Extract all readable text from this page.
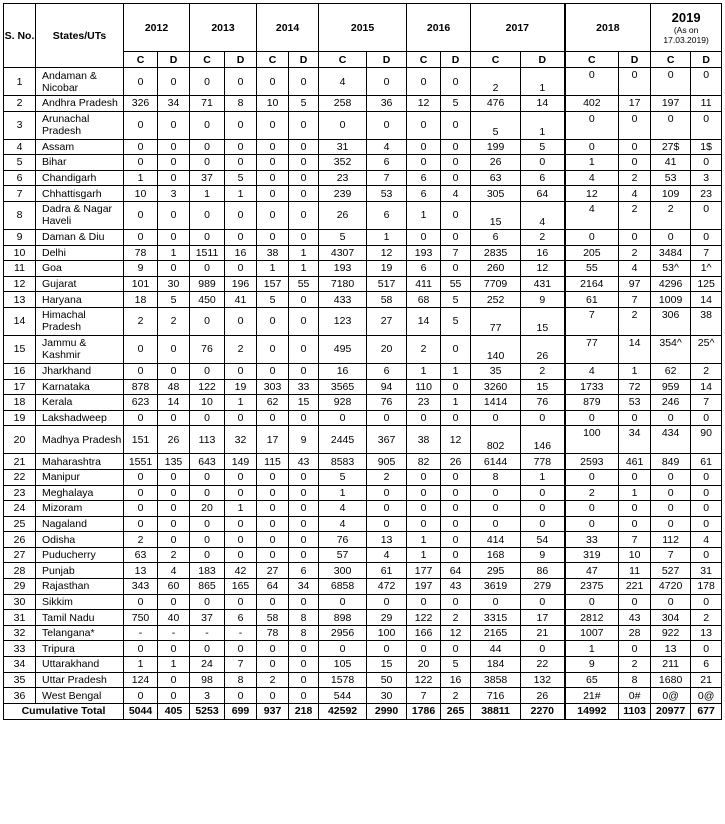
S. No.	States/UTs	2012		2013		2014		2015		2016		2017		2018		2019
(As on 17.03.2019)	

		C	D	C	D	C	D	C	D	C	D	C	D	C	D	C	D
1	Andaman & Nicobar	0	0	0	0	0	0	4	0	0	0	2	1	0	0	0	0
2	Andhra Pradesh	326	34	71	8	10	5	258	36	12	5	476	14	402	17	197	11
3	Arunachal Pradesh	0	0	0	0	0	0	0	0	0	0	5	1	0	0	0	0
4	Assam	0	0	0	0	0	0	31	4	0	0	199	5	0	0	27$	1$
5	Bihar	0	0	0	0	0	0	352	6	0	0	26	0	1	0	41	0
6	Chandigarh	1	0	37	5	0	0	23	7	6	0	63	6	4	2	53	3
7	Chhattisgarh	10	3	1	1	0	0	239	53	6	4	305	64	12	4	109	23
8	Dadra & Nagar Haveli	0	0	0	0	0	0	26	6	1	0	15	4	4	2	2	0
9	Daman & Diu	0	0	0	0	0	0	5	1	0	0	6	2	0	0	0	0
10	Delhi	78	1	1511	16	38	1	4307	12	193	7	2835	16	205	2	3484	7
11	Goa	9	0	0	0	1	1	193	19	6	0	260	12	55	4	53^	1^
12	Gujarat	101	30	989	196	157	55	7180	517	411	55	7709	431	2164	97	4296	125
13	Haryana	18	5	450	41	5	0	433	58	68	5	252	9	61	7	1009	14
14	Himachal Pradesh	2	2	0	0	0	0	123	27	14	5	77	15	7	2	306	38
15	Jammu & Kashmir	0	0	76	2	0	0	495	20	2	0	140	26	77	14	354^	25^
16	Jharkhand	0	0	0	0	0	0	16	6	1	1	35	2	4	1	62	2
17	Karnataka	878	48	122	19	303	33	3565	94	110	0	3260	15	1733	72	959	14
18	Kerala	623	14	10	1	62	15	928	76	23	1	1414	76	879	53	246	7
19	Lakshadweep	0	0	0	0	0	0	0	0	0	0	0	0	0	0	0	0
20	Madhya Pradesh	151	26	113	32	17	9	2445	367	38	12	802	146	100	34	434	90
21	Maharashtra	1551	135	643	149	115	43	8583	905	82	26	6144	778	2593	461	849	61
22	Manipur	0	0	0	0	0	0	5	2	0	0	8	1	0	0	0	0
23	Meghalaya	0	0	0	0	0	0	1	0	0	0	0	0	2	1	0	0
24	Mizoram	0	0	20	1	0	0	4	0	0	0	0	0	0	0	0	0
25	Nagaland	0	0	0	0	0	0	4	0	0	0	0	0	0	0	0	0
26	Odisha	2	0	0	0	0	0	76	13	1	0	414	54	33	7	112	4
27	Puducherry	63	2	0	0	0	0	57	4	1	0	168	9	319	10	7	0
28	Punjab	13	4	183	42	27	6	300	61	177	64	295	86	47	11	527	31
29	Rajasthan	343	60	865	165	64	34	6858	472	197	43	3619	279	2375	221	4720	178
30	Sikkim	0	0	0	0	0	0	0	0	0	0	0	0	0	0	0	0
31	Tamil Nadu	750	40	37	6	58	8	898	29	122	2	3315	17	2812	43	304	2
32	Telangana*	-	-	-	-	78	8	2956	100	166	12	2165	21	1007	28	922	13
33	Tripura	0	0	0	0	0	0	0	0	0	0	44	0	1	0	13	0
34	Uttarakhand	1	1	24	7	0	0	105	15	20	5	184	22	9	2	211	6
35	Uttar Pradesh	124	0	98	8	2	0	1578	50	122	16	3858	132	65	8	1680	21
36	West Bengal	0	0	3	0	0	0	544	30	7	2	716	26	21#	0#	0@	0@
Cumulative Total		5044	405	5253	699	937	218	42592	2990	1786	265	38811	2270	14992	1103	20977	677
